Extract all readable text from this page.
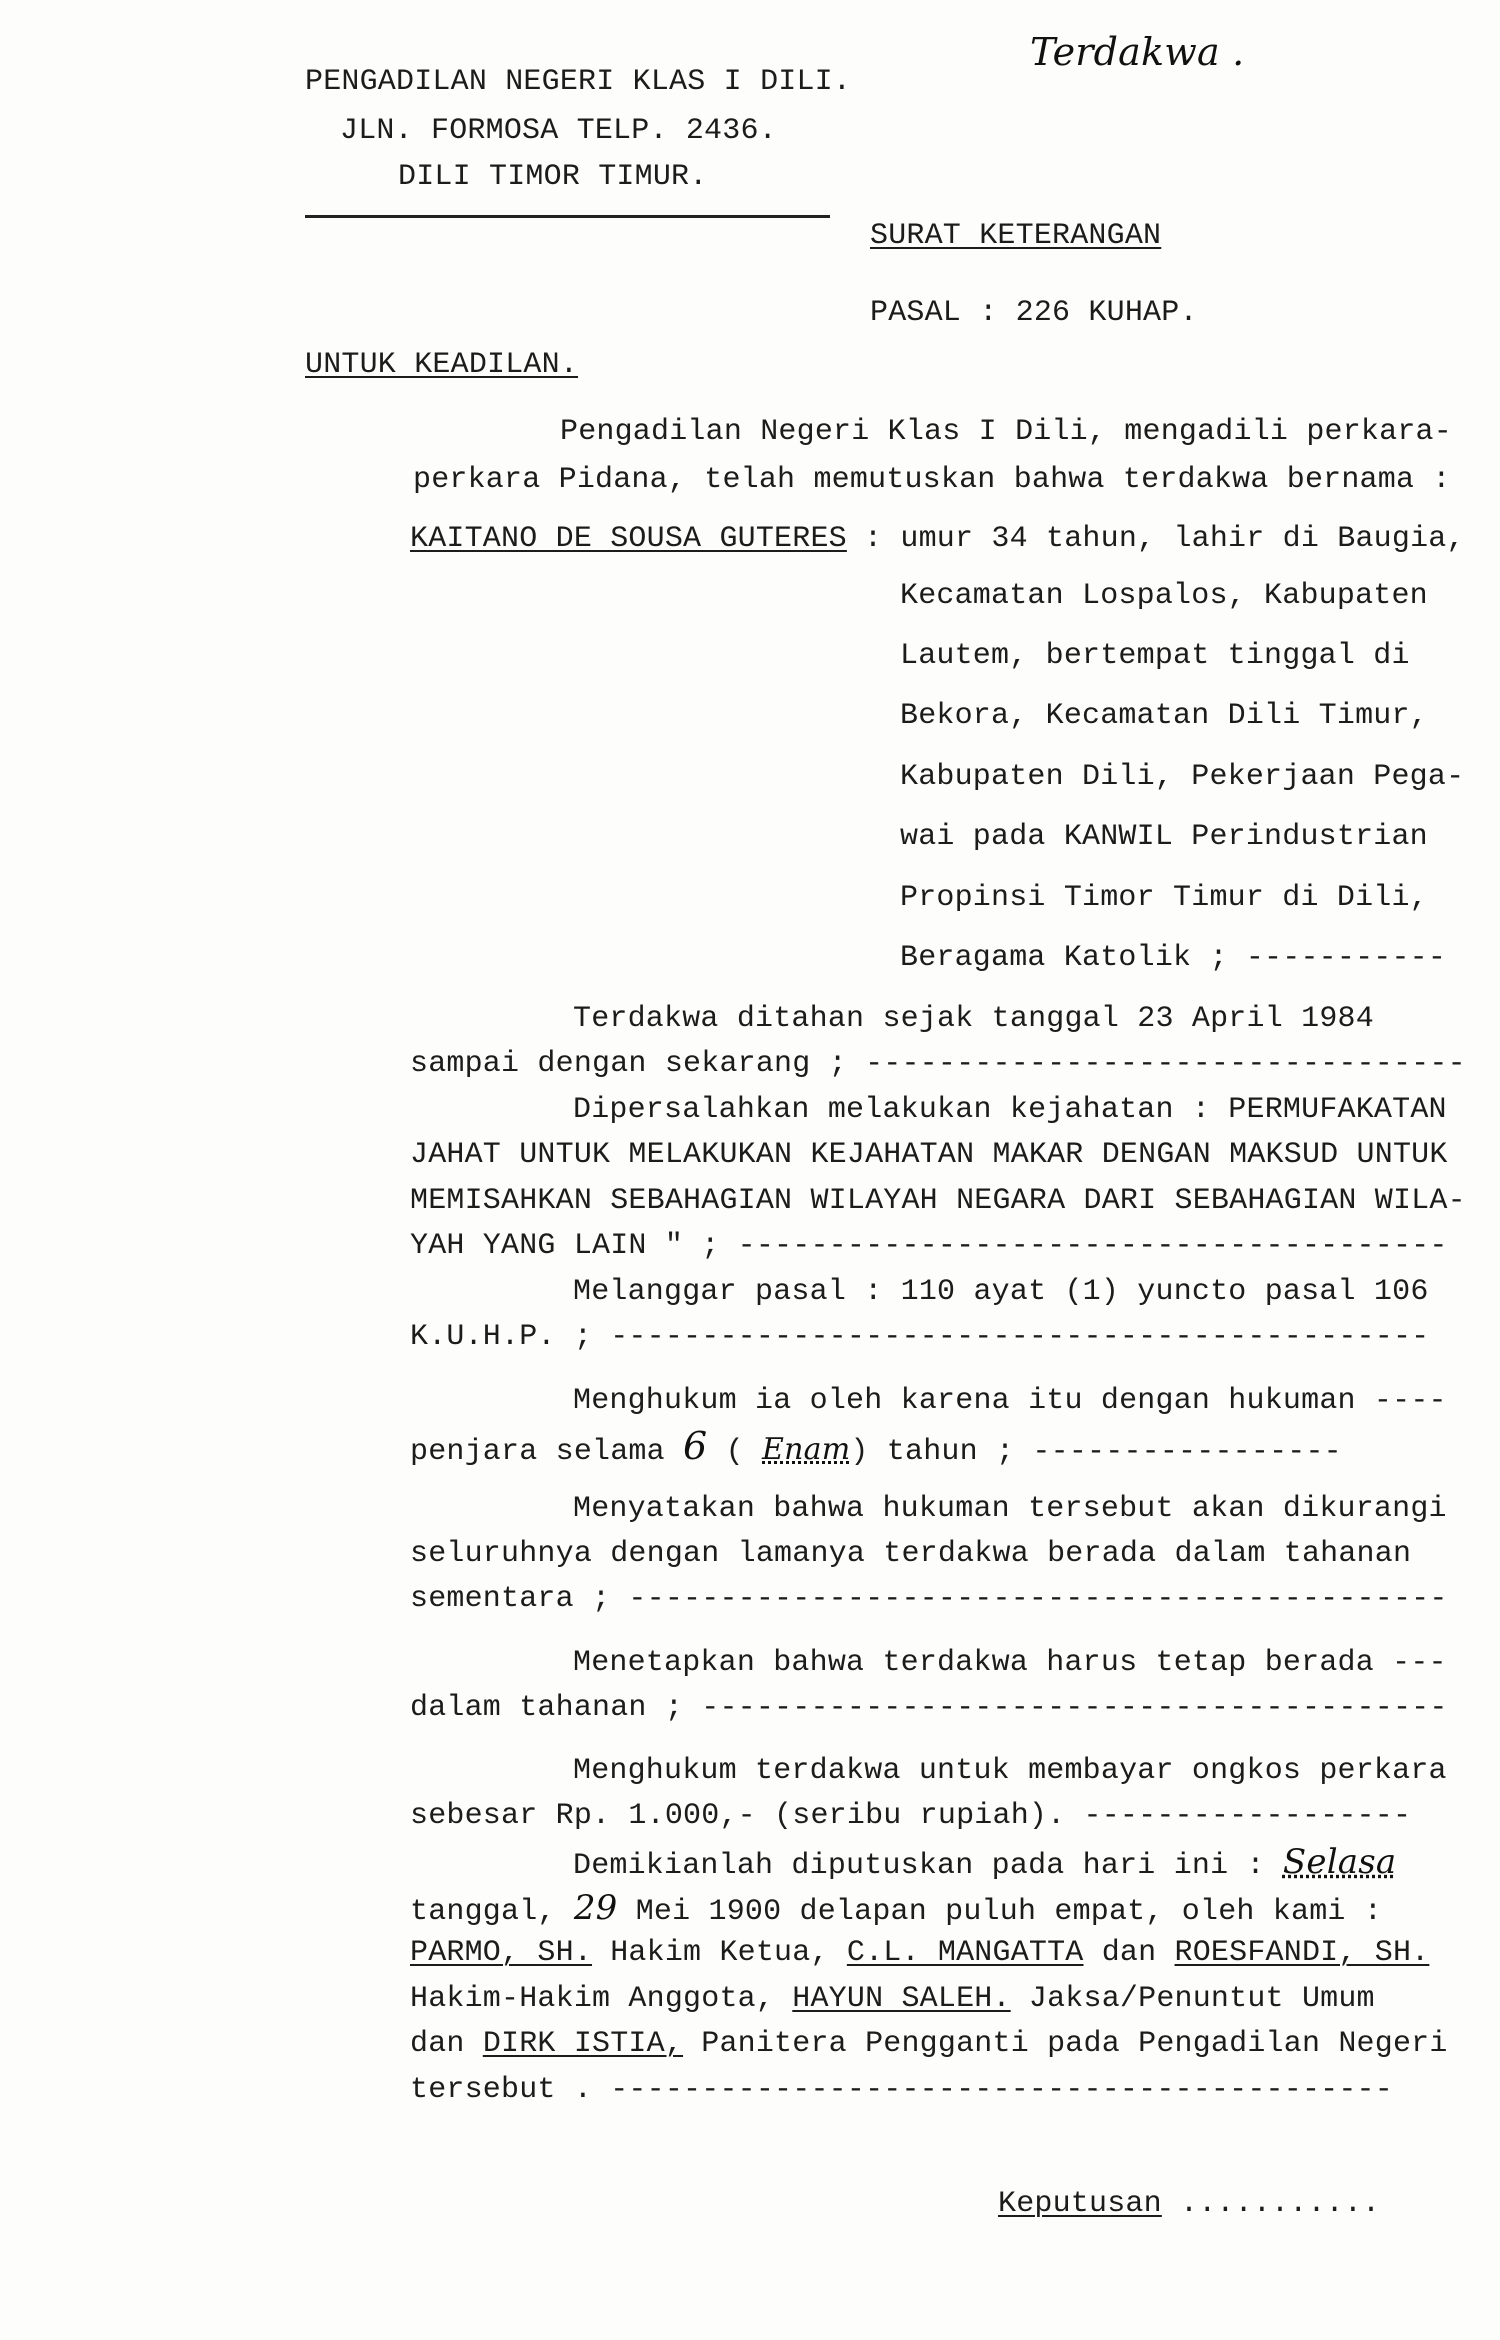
PENGADILAN NEGERI KLAS I DILI.
JLN. FORMOSA TELP. 2436.
DILI TIMOR TIMUR.
Terdakwa .
SURAT KETERANGAN
PASAL : 226 KUHAP.
UNTUK KEADILAN.
Pengadilan Negeri Klas I Dili, mengadili perkara-
perkara Pidana, telah memutuskan bahwa terdakwa bernama :
KAITANO DE SOUSA GUTERES : umur 34 tahun, lahir di Baugia,
Kecamatan Lospalos, Kabupaten
Lautem, bertempat tinggal di
Bekora, Kecamatan Dili Timur,
Kabupaten Dili, Pekerjaan Pega-
wai pada KANWIL Perindustrian
Propinsi Timor Timur di Dili,
Beragama Katolik ; -----------
Terdakwa ditahan sejak tanggal 23 April 1984
sampai dengan sekarang ; ---------------------------------
Dipersalahkan melakukan kejahatan : PERMUFAKATAN
JAHAT UNTUK MELAKUKAN KEJAHATAN MAKAR DENGAN MAKSUD UNTUK
MEMISAHKAN SEBAHAGIAN WILAYAH NEGARA DARI SEBAHAGIAN WILA-
YAH YANG LAIN " ; ---------------------------------------
Melanggar pasal : 110 ayat (1) yuncto pasal 106
K.U.H.P. ; ---------------------------------------------
Menghukum ia oleh karena itu dengan hukuman ----
penjara selama 6 ( Enam) tahun ; -----------------
Menyatakan bahwa hukuman tersebut akan dikurangi
seluruhnya dengan lamanya terdakwa berada dalam tahanan
sementara ; ---------------------------------------------
Menetapkan bahwa terdakwa harus tetap berada ---
dalam tahanan ; -----------------------------------------
Menghukum terdakwa untuk membayar ongkos perkara
sebesar Rp. 1.000,- (seribu rupiah). ------------------
Demikianlah diputuskan pada hari ini : Selasa
tanggal, 29 Mei 1900 delapan puluh empat, oleh kami :
PARMO, SH. Hakim Ketua, C.L. MANGATTA dan ROESFANDI, SH.
Hakim-Hakim Anggota, HAYUN SALEH. Jaksa/Penuntut Umum
dan DIRK ISTIA, Panitera Pengganti pada Pengadilan Negeri
tersebut . -------------------------------------------
Keputusan ...........
